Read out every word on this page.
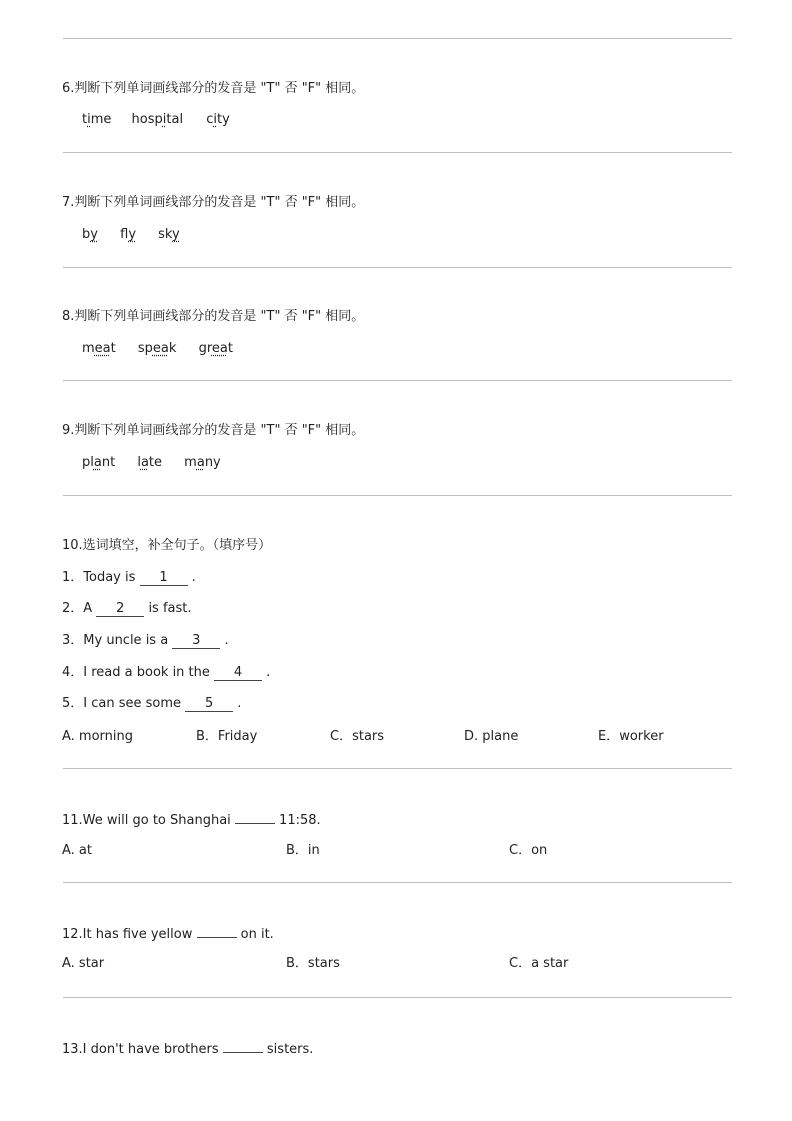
6.判断下列单词画线部分的发音是 "T" 否 "F" 相同。
time hospital city
7.判断下列单词画线部分的发音是 "T" 否 "F" 相同。
by fly sky
8.判断下列单词画线部分的发音是 "T" 否 "F" 相同。
meat speak great
9.判断下列单词画线部分的发音是 "T" 否 "F" 相同。
plant late many
10.选词填空，补全句子。（填序号）
1．Today is 1 .
2．A 2 is fast.
3．My uncle is a 3 .
4．I read a book in the 4 .
5．I can see some 5 .
A. morning	B．Friday	C．stars	D. plane	E．worker
11.We will go to Shanghai	11:58.
A. at	B．in	C．on
12.It has five yellow	on it.
A. star	B．stars	C．a star
13.I don't have brothers	sisters.
